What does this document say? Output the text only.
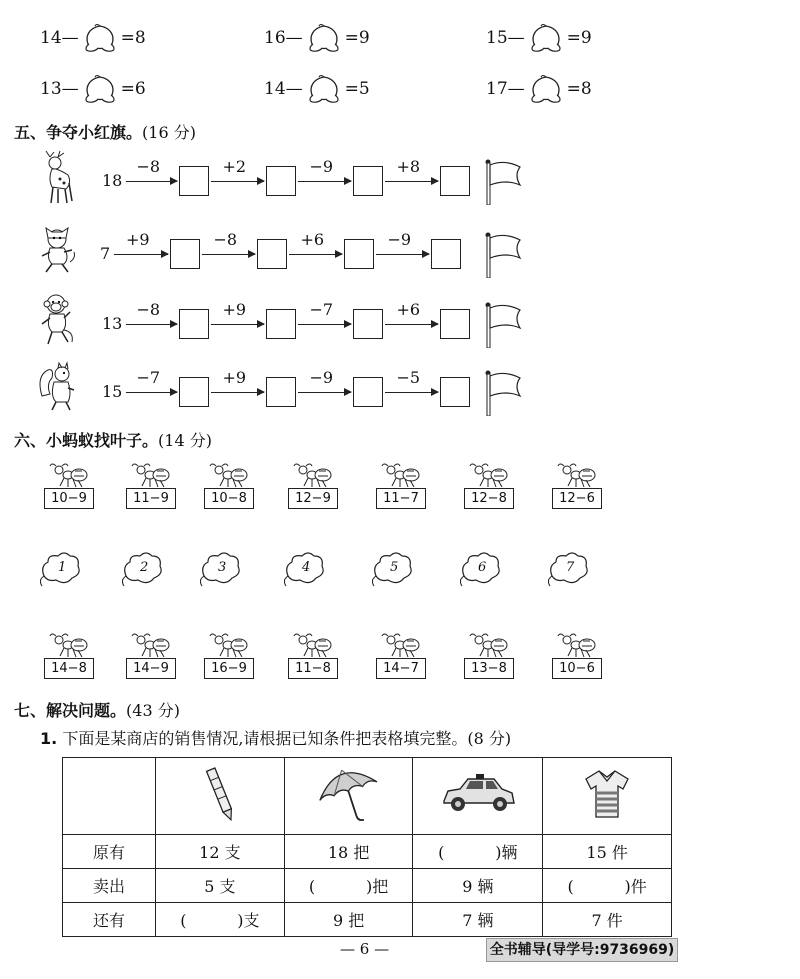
14— =8	16— =9	15— =9
13— =6	14— =5	17— =8
五、争夺小红旗。(16 分)
18
−8	+2	−9	+8
7
+9	−8	+6	−9
13
−8	+9	−7	+6
15
−7	+9	−9	−5
六、小蚂蚁找叶子。(14 分)
10−9	11−9	10−8	12−9	11−7	12−8	12−6
14−8	14−9	16−9	11−8	14−7	13−8	10−6
1	2	3	4	5	6	7
七、解决问题。(43 分)
1. 下面是某商店的销售情况,请根据已知条件把表格填完整。(8 分)

原有	12 支	18 把	(          )辆	15 件
卖出	5 支	(          )把	9 辆	(          )件
还有	(          )支	9 把	7 辆	7 件
— 6 —	全书辅导(导学号:9736969)
